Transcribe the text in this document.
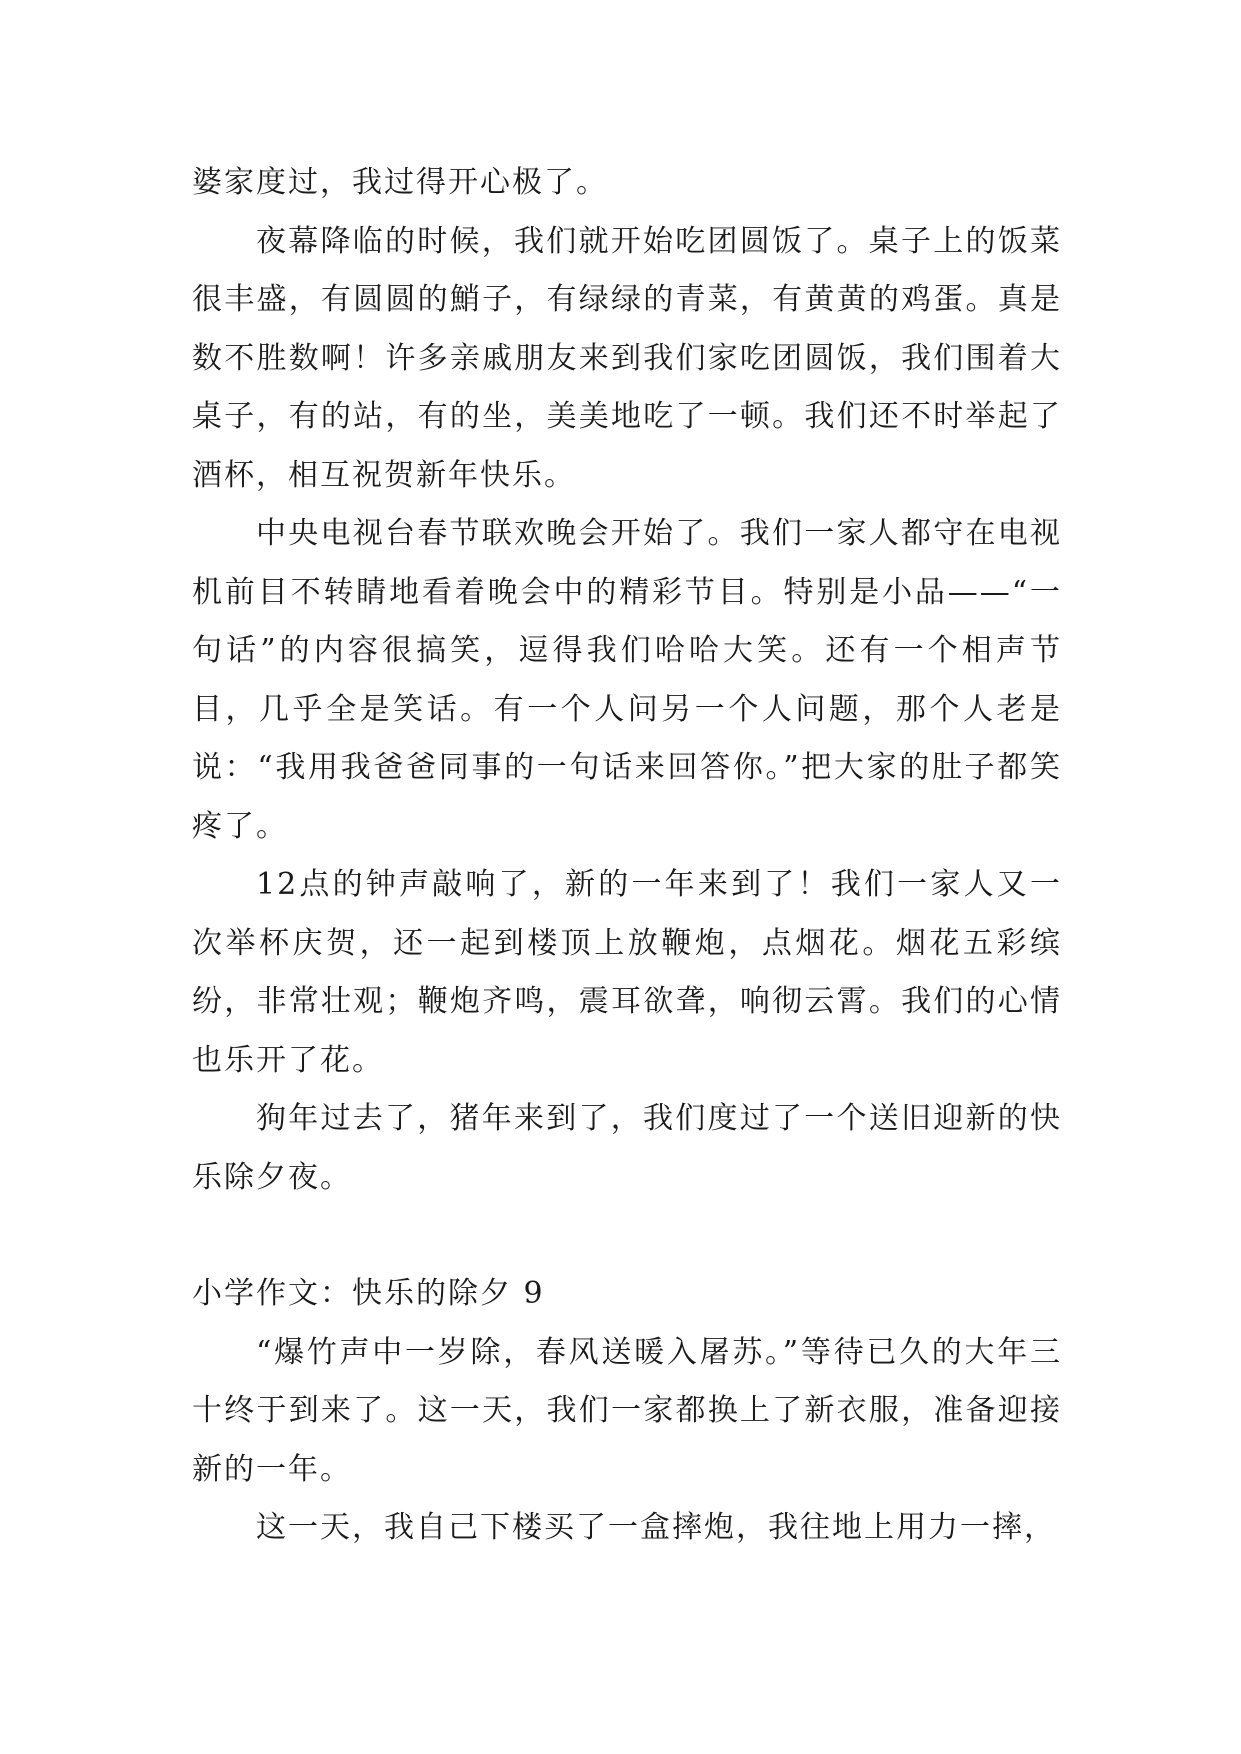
婆家度过，我过得开心极了。

夜幕降临的时候，我们就开始吃团圆饭了。桌子上的饭菜很丰盛，有圆圆的鮹子，有绿绿的青菜，有黄黄的鸡蛋。真是数不胜数啊！许多亲戚朋友来到我们家吃团圆饭，我们围着大桌子，有的站，有的坐，美美地吃了一顿。我们还不时举起了酒杯，相互祝贺新年快乐。

中央电视台春节联欢晚会开始了。我们一家人都守在电视机前目不转睛地看着晚会中的精彩节目。特别是小品——“一句话”的内容很搞笑，逗得我们哈哈大笑。还有一个相声节目，几乎全是笑话。有一个人问另一个人问题，那个人老是说：“我用我爸爸同事的一句话来回答你。”把大家的肚子都笑疼了。

12点的钟声敲响了，新的一年来到了！我们一家人又一次举杯庆贺，还一起到楼顶上放鞭炮，点烟花。烟花五彩缤纷，非常壮观；鞭炮齐鸣，震耳欲聋，响彻云霄。我们的心情也乐开了花。

狗年过去了，猪年来到了，我们度过了一个送旧迎新的快乐除夕夜。

小学作文：快乐的除夕 9

“爆竹声中一岁除，春风送暖入屠苏。”等待已久的大年三十终于到来了。这一天，我们一家都换上了新衣服，准备迎接新的一年。

这一天，我自己下楼买了一盒摔炮，我往地上用力一摔，
